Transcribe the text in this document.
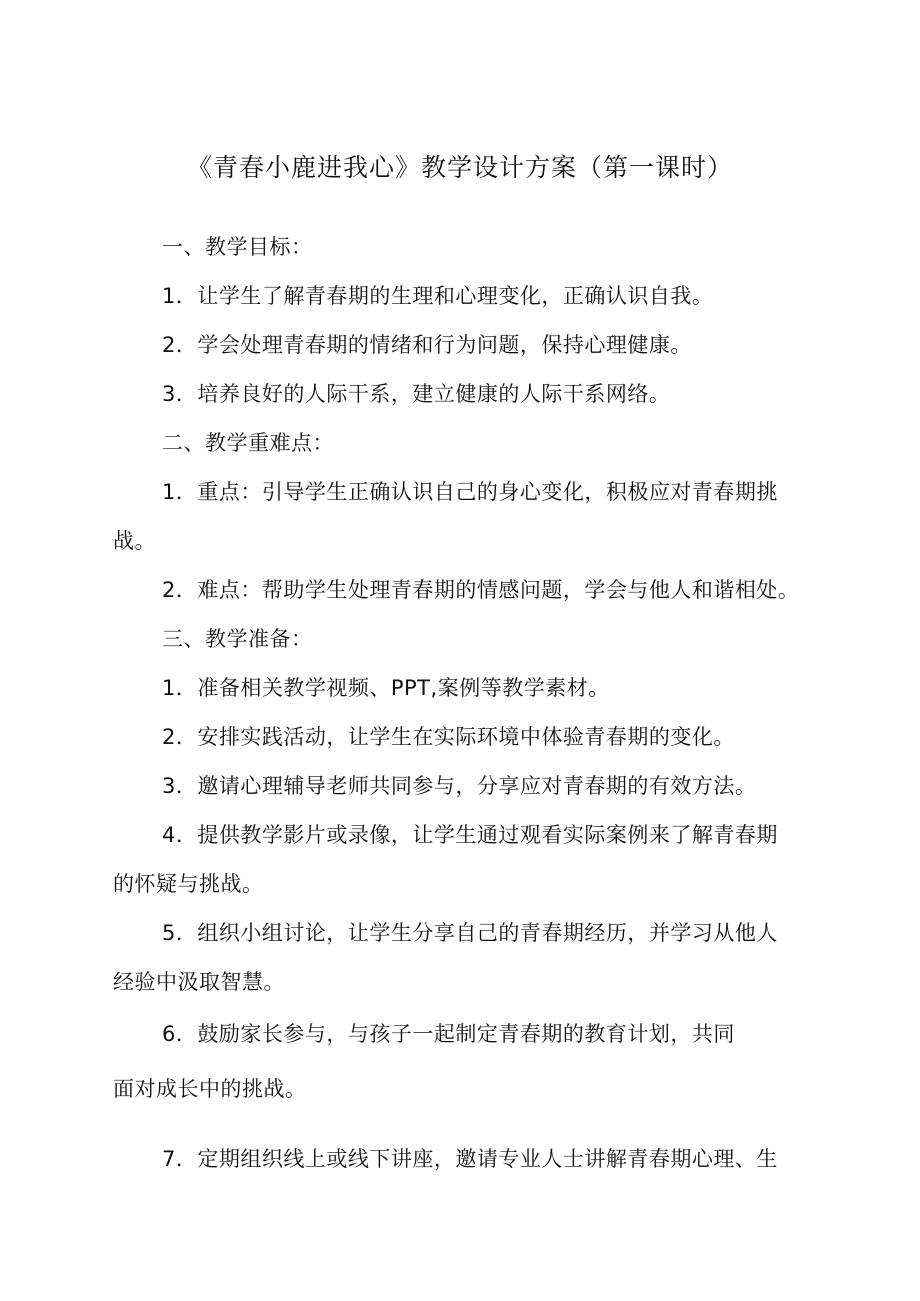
《青春小鹿进我心》教学设计方案（第一课时）
一、教学目标：
1．让学生了解青春期的生理和心理变化，正确认识自我。
2．学会处理青春期的情绪和行为问题，保持心理健康。
3．培养良好的人际干系，建立健康的人际干系网络。
二、教学重难点：
1．重点：引导学生正确认识自己的身心变化，积极应对青春期挑
战。
2．难点：帮助学生处理青春期的情感问题，学会与他人和谐相处。
三、教学准备：
1．准备相关教学视频、PPT,案例等教学素材。
2．安排实践活动，让学生在实际环境中体验青春期的变化。
3．邀请心理辅导老师共同参与，分享应对青春期的有效方法。
4．提供教学影片或录像，让学生通过观看实际案例来了解青春期
的怀疑与挑战。
5．组织小组讨论，让学生分享自己的青春期经历，并学习从他人
经验中汲取智慧。
6．鼓励家长参与，与孩子一起制定青春期的教育计划，共同
面对成长中的挑战。
7．定期组织线上或线下讲座，邀请专业人士讲解青春期心理、生
